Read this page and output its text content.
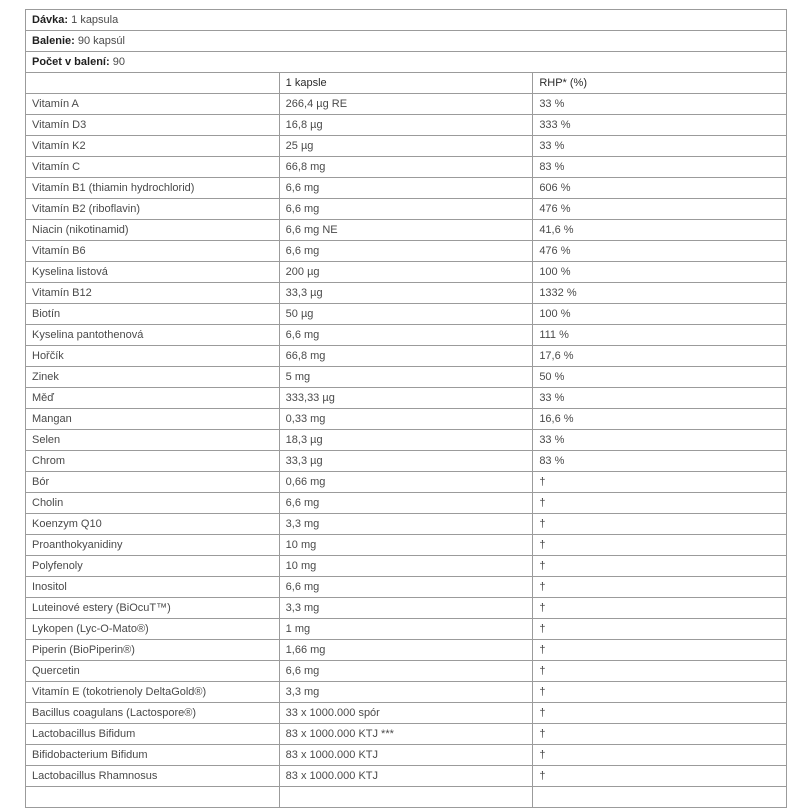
Dávka: 1 kapsula		
Balenie: 90 kapsúl		
Počet v balení: 90		
	1 kapsle	RHP* (%)
Vitamín A	266,4 µg RE	33 %
Vitamín D3	16,8 µg	333 %
Vitamín K2	25 µg	33 %
Vitamín C	66,8 mg	83 %
Vitamín B1 (thiamin hydrochlorid)	6,6 mg	606 %
Vitamín B2 (riboflavin)	6,6 mg	476 %
Niacin (nikotinamid)	6,6 mg NE	41,6 %
Vitamín B6	6,6 mg	476 %
Kyselina listová	200 µg	100 %
Vitamín B12	33,3 µg	1332 %
Biotín	50 µg	100 %
Kyselina pantothenová	6,6 mg	111 %
Hořčík	66,8 mg	17,6 %
Zinek	5 mg	50 %
Měď	333,33 µg	33 %
Mangan	0,33 mg	16,6 %
Selen	18,3 µg	33 %
Chrom	33,3 µg	83 %
Bór	0,66 mg	†
Cholin	6,6 mg	†
Koenzym Q10	3,3 mg	†
Proanthokyanidiny	10 mg	†
Polyfenoly	10 mg	†
Inositol	6,6 mg	†
Luteinové estery (BiOcuT™)	3,3 mg	†
Lykopen (Lyc-O-Mato®)	1 mg	†
Piperin (BioPiperin®)	1,66 mg	†
Quercetin	6,6 mg	†
Vitamín E (tokotrienoly DeltaGold®)	3,3 mg	†
Bacillus coagulans (Lactospore®)	33 x 1000.000 spór	†
Lactobacillus Bifidum	83 x 1000.000 KTJ ***	†
Bifidobacterium Bifidum	83 x 1000.000 KTJ	†
Lactobacillus Rhamnosus	83 x 1000.000 KTJ	†
